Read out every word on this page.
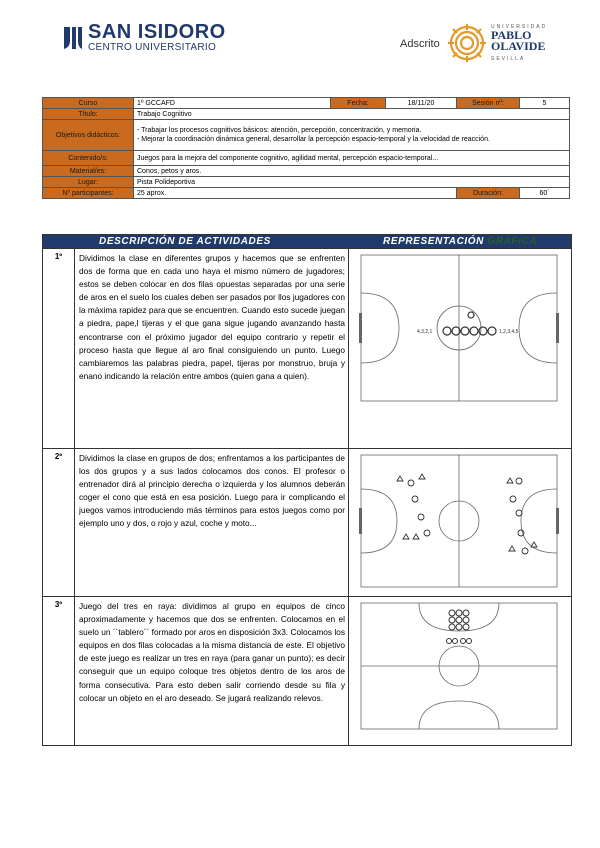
SAN ISIDORO
CENTRO UNIVERSITARIO	Adscrito
UNIVERSIDAD
PABLO
OLAVIDE
SEVILLA
Curso	1º GCCAFD	Fecha:	18/11/20	Sesión nº:	5
Título:	Trabajo Cognitivo				
Objetivos didácticos:	- Trabajar los procesos cognitivos básicos: atención, percepción, concentración, y memoria.
- Mejorar la coordinación dinámica general, desarrollar la percepción espacio-temporal y la velocidad de reacción.				

Contenido/s:	Juegos para la mejora del componente cognitivo, agilidad mental, percepción espacio-temporal...				
Material/es:	Conos, petos y aros.				
Lugar:	Pista Polideportiva				
Nº participantes:	25 aprox.			Duración:	60´
DESCRIPCIÓN DE ACTIVIDADES	REPRESENTACIÓN GRÁFICA
1º	Dividimos la clase en diferentes grupos y hacemos que se enfrenten dos de forma que en cada uno haya el mismo número de jugadores; estos se deben colocar en dos filas opuestas separadas por una serie de aros en el suelo los cuales deben ser pasados por llos jugadores con la máxima rapidez para que se encuentren. Cuando esto sucede juegan a piedra, pape,l tijeras y el que gana sigue jugando avanzando hasta encontrarse con el próximo jugador del equipo contrario y repetir el proceso hasta que llegue al aro final consiguiendo un punto. Luego cambiaremos las palabras piedra, papel, tijeras por monstruo, bruja y enano indicando la relación entre ambos (quien gana a quien).
4,3,2,1	1,2,3,4,5
2º	Dividimos la clase en grupos de dos; enfrentamos a los participantes de los dos grupos y a sus lados colocamos dos conos. El profesor o entrenador dirá al principio derecha o izquierda y los alumnos deberán coger el cono que está en esa posición. Luego para ir complicando el juegos vamos introduciendo más términos para estos juegos como por ejemplo uno y dos, o rojo y azul, coche y moto...
3º	Juego del tres en raya: dividimos al grupo en equipos de cinco aproximadamente y hacemos que dos se enfrenten. Colocamos en el suelo un ´´tablero´´ formado por aros en disposición 3x3. Colocamos los equipos en dos filas colocadas a la misma distancia de este. El objetivo de este juego es realizar un tres en raya (para ganar un punto); es decir conseguir que un equipo coloque tres objetos dentro de los aros de forma consecutiva. Para esto deben salir corriendo desde su fila y colocar un objeto en el aro deseado. Se jugará realizando relevos.
